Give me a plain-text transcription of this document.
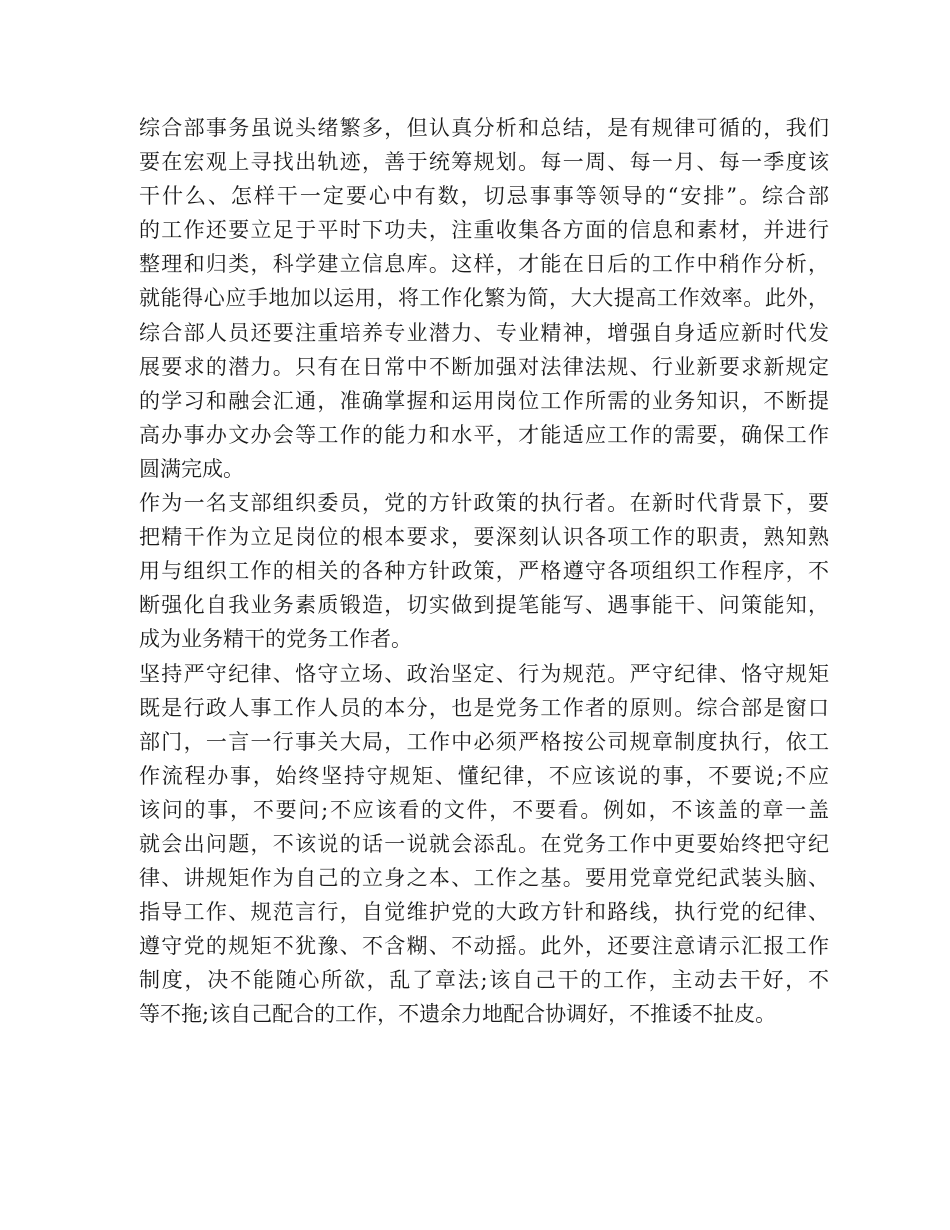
综合部事务虽说头绪繁多，但认真分析和总结，是有规律可循的，我们
要在宏观上寻找出轨迹，善于统筹规划。每一周、每一月、每一季度该
干什么、怎样干一定要心中有数，切忌事事等领导的“安排”。综合部
的工作还要立足于平时下功夫，注重收集各方面的信息和素材，并进行
整理和归类，科学建立信息库。这样，才能在日后的工作中稍作分析，
就能得心应手地加以运用，将工作化繁为简，大大提高工作效率。此外，
综合部人员还要注重培养专业潜力、专业精神，增强自身适应新时代发
展要求的潜力。只有在日常中不断加强对法律法规、行业新要求新规定
的学习和融会汇通，准确掌握和运用岗位工作所需的业务知识，不断提
高办事办文办会等工作的能力和水平，才能适应工作的需要，确保工作
圆满完成。
作为一名支部组织委员，党的方针政策的执行者。在新时代背景下，要
把精干作为立足岗位的根本要求，要深刻认识各项工作的职责，熟知熟
用与组织工作的相关的各种方针政策，严格遵守各项组织工作程序，不
断强化自我业务素质锻造，切实做到提笔能写、遇事能干、问策能知，
成为业务精干的党务工作者。
坚持严守纪律、恪守立场、政治坚定、行为规范。严守纪律、恪守规矩
既是行政人事工作人员的本分，也是党务工作者的原则。综合部是窗口
部门，一言一行事关大局，工作中必须严格按公司规章制度执行，依工
作流程办事，始终坚持守规矩、懂纪律，不应该说的事，不要说;不应
该问的事，不要问;不应该看的文件，不要看。例如，不该盖的章一盖
就会出问题，不该说的话一说就会添乱。在党务工作中更要始终把守纪
律、讲规矩作为自己的立身之本、工作之基。要用党章党纪武装头脑、
指导工作、规范言行，自觉维护党的大政方针和路线，执行党的纪律、
遵守党的规矩不犹豫、不含糊、不动摇。此外，还要注意请示汇报工作
制度，决不能随心所欲，乱了章法;该自己干的工作，主动去干好，不
等不拖;该自己配合的工作，不遗余力地配合协调好，不推诿不扯皮。
